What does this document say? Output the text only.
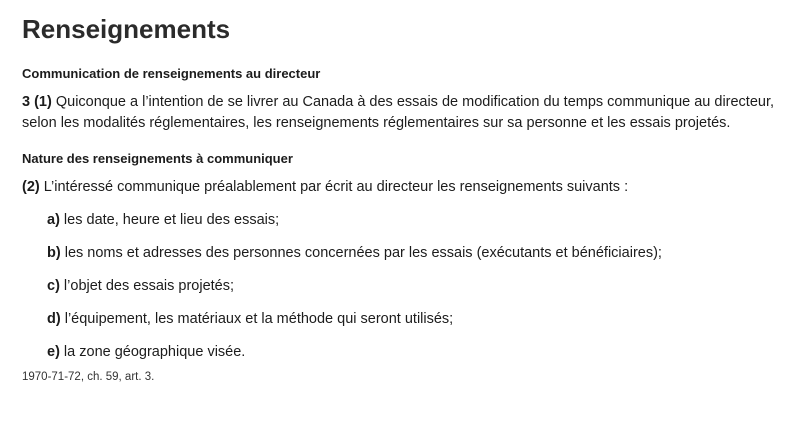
Renseignements

Communication de renseignements au directeur

3 (1) Quiconque a l’intention de se livrer au Canada à des essais de modification du temps communique au directeur, selon les modalités réglementaires, les renseignements réglementaires sur sa personne et les essais projetés.

Nature des renseignements à communiquer

(2) L’intéressé communique préalablement par écrit au directeur les renseignements suivants :

a) les date, heure et lieu des essais;
b) les noms et adresses des personnes concernées par les essais (exécutants et bénéficiaires);
c) l’objet des essais projetés;
d) l’équipement, les matériaux et la méthode qui seront utilisés;
e) la zone géographique visée.

1970-71-72, ch. 59, art. 3.
